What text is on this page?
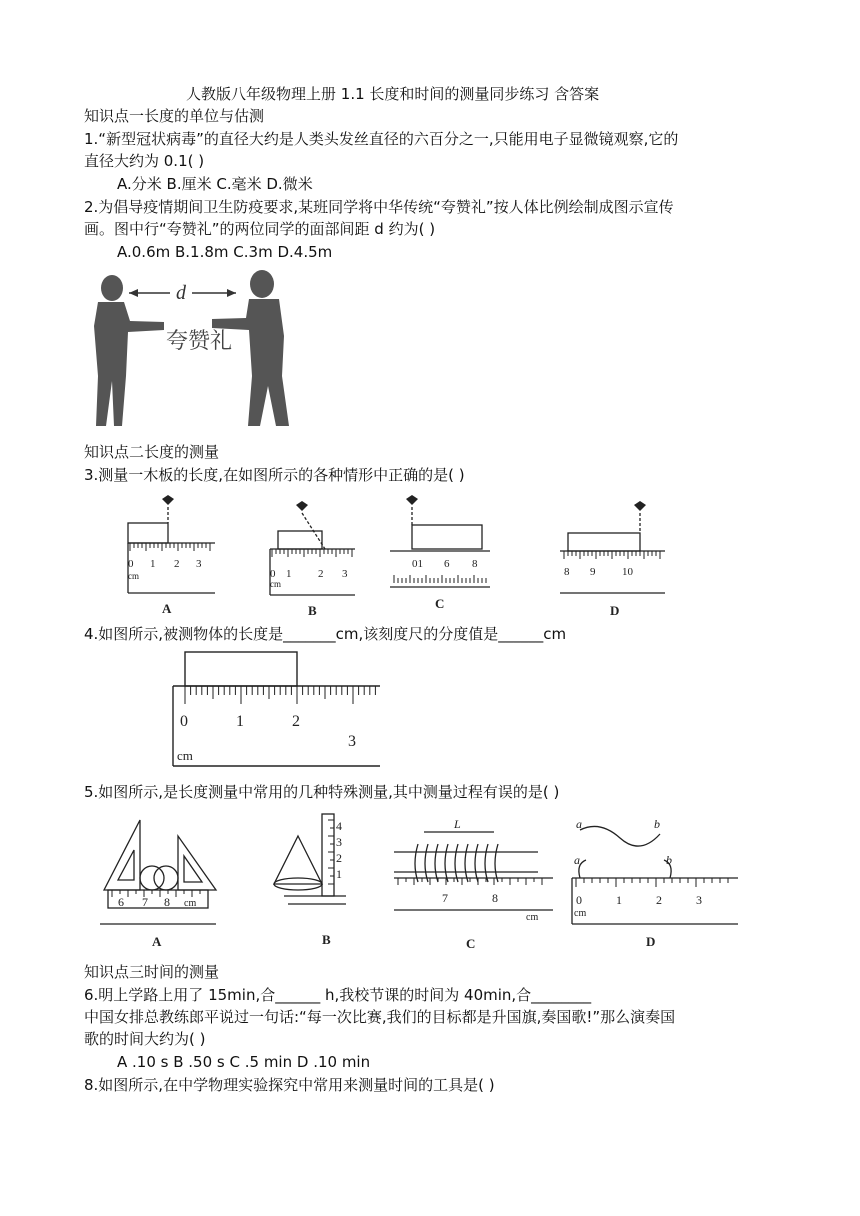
人教版八年级物理上册 1.1 长度和时间的测量同步练习 含答案
知识点一长度的单位与估测
1.“新型冠状病毒”的直径大约是人类头发丝直径的六百分之一,只能用电子显微镜观察,它的
直径大约为 0.1( )
A.分米 B.厘米 C.毫米 D.微米
2.为倡导疫情期间卫生防疫要求,某班同学将中华传统“夸赞礼”按人体比例绘制成图示宣传
画。图中行“夸赞礼”的两位同学的面部间距 d 约为( )
A.0.6m B.1.8m C.3m D.4.5m
d
夸赞礼
知识点二长度的测量
3.测量一木板的长度,在如图所示的各种情形中正确的是( )
0 1 2 3
cm	0 1 2 3
cm
01 6 8
8 9 10
A	B	C	D
4.如图所示,被测物体的长度是_______cm,该刻度尺的分度值是______cm
0	1	2
3
cm
5.如图所示,是长度测量中常用的几种特殊测量,其中测量过程有误的是( )
6 7 8 cm
1
2
3
4
7	8
cm
L	a	b
a	b
0	1	2	3
cm
A	B	C	D
知识点三时间的测量
6.明上学路上用了 15min,合______ h,我校节课的时间为 40min,合________
中国女排总教练郎平说过一句话:“每一次比赛,我们的目标都是升国旗,奏国歌!”那么演奏国
歌的时间大约为( )
A .10 s B .50 s C .5 min D .10 min
8.如图所示,在中学物理实验探究中常用来测量时间的工具是( )
